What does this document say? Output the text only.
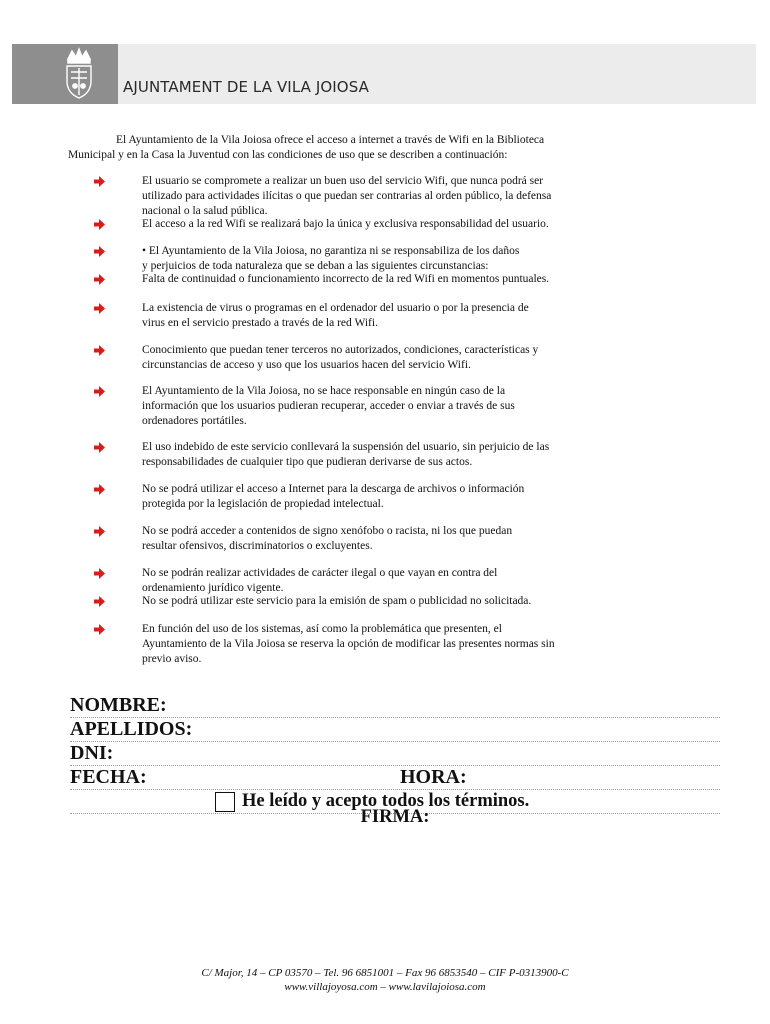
AJUNTAMENT DE LA VILA JOIOSA
El Ayuntamiento de la Vila Joiosa ofrece el acceso a internet a través de Wifi en la Biblioteca
Municipal y en la Casa la Juventud con las condiciones de uso que se describen a continuación:
El usuario se compromete a realizar un buen uso del servicio Wifi, que nunca podrá ser
utilizado para actividades ilícitas o que puedan ser contrarias al orden público, la defensa
nacional o la salud pública.
El acceso a la red Wifi se realizará bajo la única y exclusiva responsabilidad del usuario.
• El Ayuntamiento de la Vila Joiosa, no garantiza ni se responsabiliza de los daños
y perjuicios de toda naturaleza que se deban a las siguientes circunstancias:
Falta de continuidad o funcionamiento incorrecto de la red Wifi en momentos puntuales.
La existencia de virus o programas en el ordenador del usuario o por la presencia de
virus en el servicio prestado a través de la red Wifi.
Conocimiento que puedan tener terceros no autorizados, condiciones, características y
circunstancias de acceso y uso que los usuarios hacen del servicio Wifi.
El Ayuntamiento de la Vila Joiosa, no se hace responsable en ningún caso de la
información que los usuarios pudieran recuperar, acceder o enviar a través de sus
ordenadores portátiles.
El uso indebido de este servicio conllevará la suspensión del usuario, sin perjuicio de las
responsabilidades de cualquier tipo que pudieran derivarse de sus actos.
No se podrá utilizar el acceso a Internet para la descarga de archivos o información
protegida por la legislación de propiedad intelectual.
No se podrá acceder a contenidos de signo xenófobo o racista, ni los que puedan
resultar ofensivos, discriminatorios o excluyentes.
No se podrán realizar actividades de carácter ilegal o que vayan en contra del
ordenamiento jurídico vigente.
No se podrá utilizar este servicio para la emisión de spam o publicidad no solicitada.
En función del uso de los sistemas, así como la problemática que presenten, el
Ayuntamiento de la Vila Joiosa se reserva la opción de modificar las presentes normas sin
previo aviso.
NOMBRE:
APELLIDOS:
DNI:
FECHA:	HORA:
He leído y acepto todos los términos.
FIRMA:
C/ Major, 14 – CP 03570 – Tel. 96 6851001 – Fax 96 6853540 – CIF P-0313900-C
www.villajoyosa.com – www.lavilajoiosa.com
